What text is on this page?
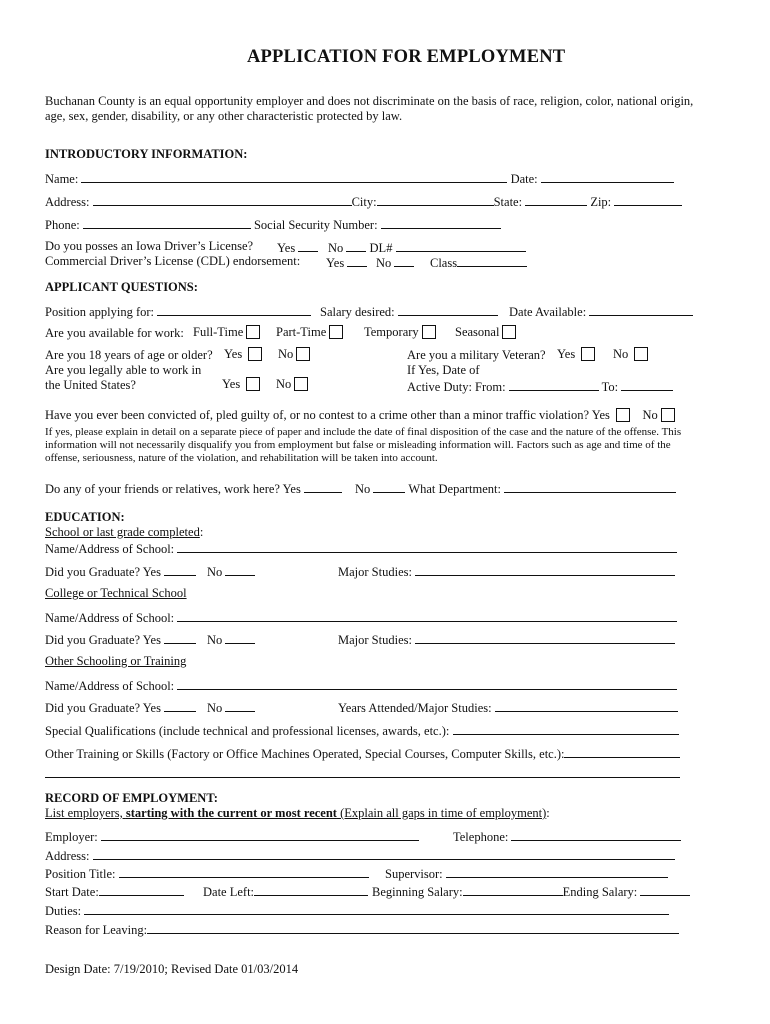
APPLICATION FOR EMPLOYMENT
Buchanan County is an equal opportunity employer and does not discriminate on the basis of race, religion, color, national origin,
age, sex, gender, disability, or any other characteristic protected by law.
INTRODUCTORY INFORMATION:
Name:	Date:
Address:	City:	State:	Zip:
Phone:	Social Security Number:
Do you posses an Iowa Driver’s License? Yes	No DL#
Commercial Driver’s License (CDL) endorsement: Yes	No	Class
APPLICANT QUESTIONS:
Position applying for:	Salary desired:	Date Available:
Are you available for work: Full-Time	Part-Time	Temporary	Seasonal
Are you 18 years of age or older? Yes	No
Are you legally able to work in
the United States?	Yes	No
Are you a military Veteran? Yes	No
If Yes, Date of
Active Duty: From:	To:
Have you ever been convicted of, pled guilty of, or no contest to a crime other than a minor traffic violation? Yes	No
If yes, please explain in detail on a separate piece of paper and include the date of final disposition of the case and the nature of the offense. This
information will not necessarily disqualify you from employment but false or misleading information will. Factors such as age and time of the
offense, seriousness, nature of the violation, and rehabilitation will be taken into account.
Do any of your friends or relatives, work here? Yes	No	What Department:
EDUCATION:
School or last grade completed:
Name/Address of School:
Did you Graduate? Yes	No	Major Studies:
College or Technical School
Name/Address of School:
Did you Graduate? Yes	No	Major Studies:
Other Schooling or Training
Name/Address of School:
Did you Graduate? Yes	No	Years Attended/Major Studies:
Special Qualifications (include technical and professional licenses, awards, etc.):
Other Training or Skills (Factory or Office Machines Operated, Special Courses, Computer Skills, etc.):
RECORD OF EMPLOYMENT:
List employers, starting with the current or most recent (Explain all gaps in time of employment):
Employer:	Telephone:
Address:
Position Title:	Supervisor:
Start Date:	Date Left:	Beginning Salary:	Ending Salary:
Duties:
Reason for Leaving:
Design Date: 7/19/2010; Revised Date 01/03/2014
